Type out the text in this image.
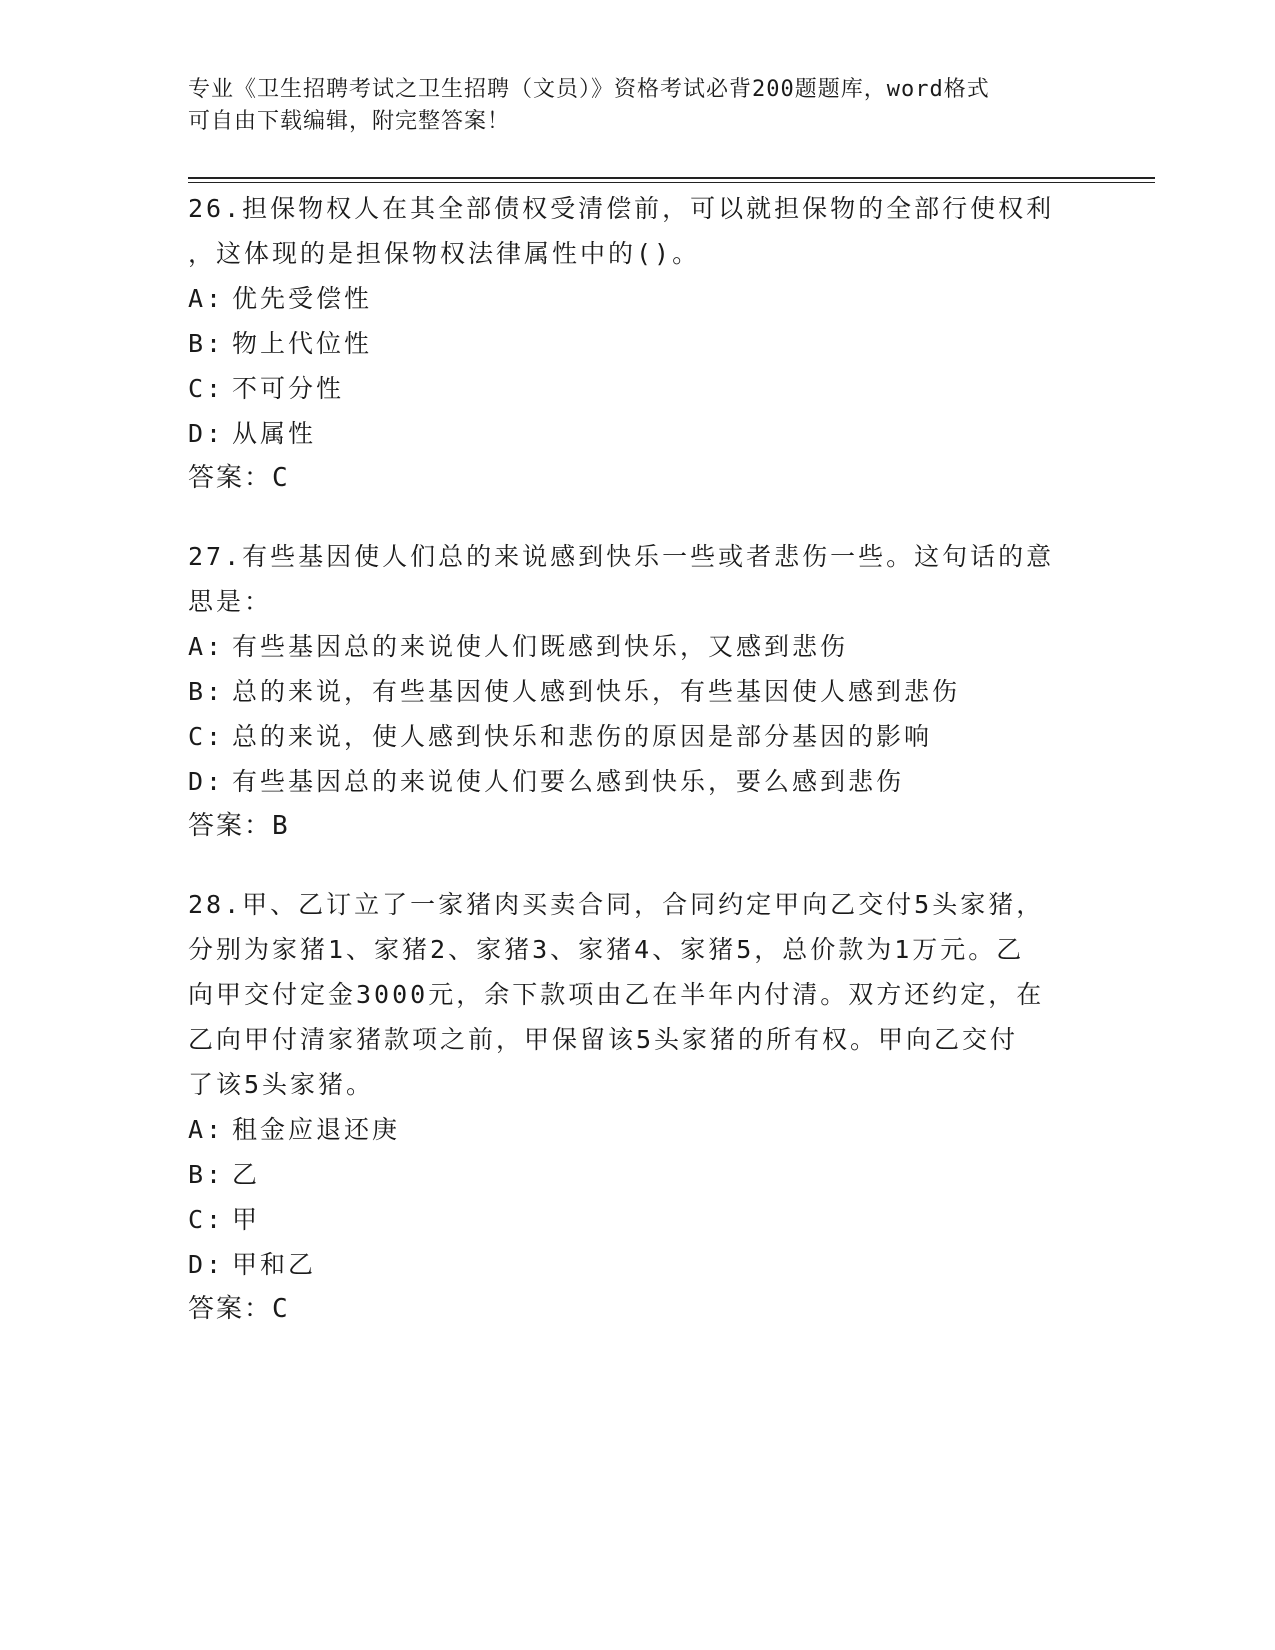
专业《卫生招聘考试之卫生招聘（文员）》资格考试必背200题题库，word格式
可自由下载编辑，附完整答案！

26.担保物权人在其全部债权受清偿前，可以就担保物的全部行使权利

，这体现的是担保物权法律属性中的()。

A: 优先受偿性

B: 物上代位性

C: 不可分性

D: 从属性

答案：C

27.有些基因使人们总的来说感到快乐一些或者悲伤一些。这句话的意

思是：

A: 有些基因总的来说使人们既感到快乐，又感到悲伤

B: 总的来说，有些基因使人感到快乐，有些基因使人感到悲伤

C: 总的来说，使人感到快乐和悲伤的原因是部分基因的影响

D: 有些基因总的来说使人们要么感到快乐，要么感到悲伤

答案：B

28.甲、乙订立了一家猪肉买卖合同，合同约定甲向乙交付5头家猪，

分别为家猪1、家猪2、家猪3、家猪4、家猪5，总价款为1万元。乙

向甲交付定金3000元，余下款项由乙在半年内付清。双方还约定，在

乙向甲付清家猪款项之前，甲保留该5头家猪的所有权。甲向乙交付

了该5头家猪。

A: 租金应退还庚

B: 乙

C: 甲

D: 甲和乙

答案：C
